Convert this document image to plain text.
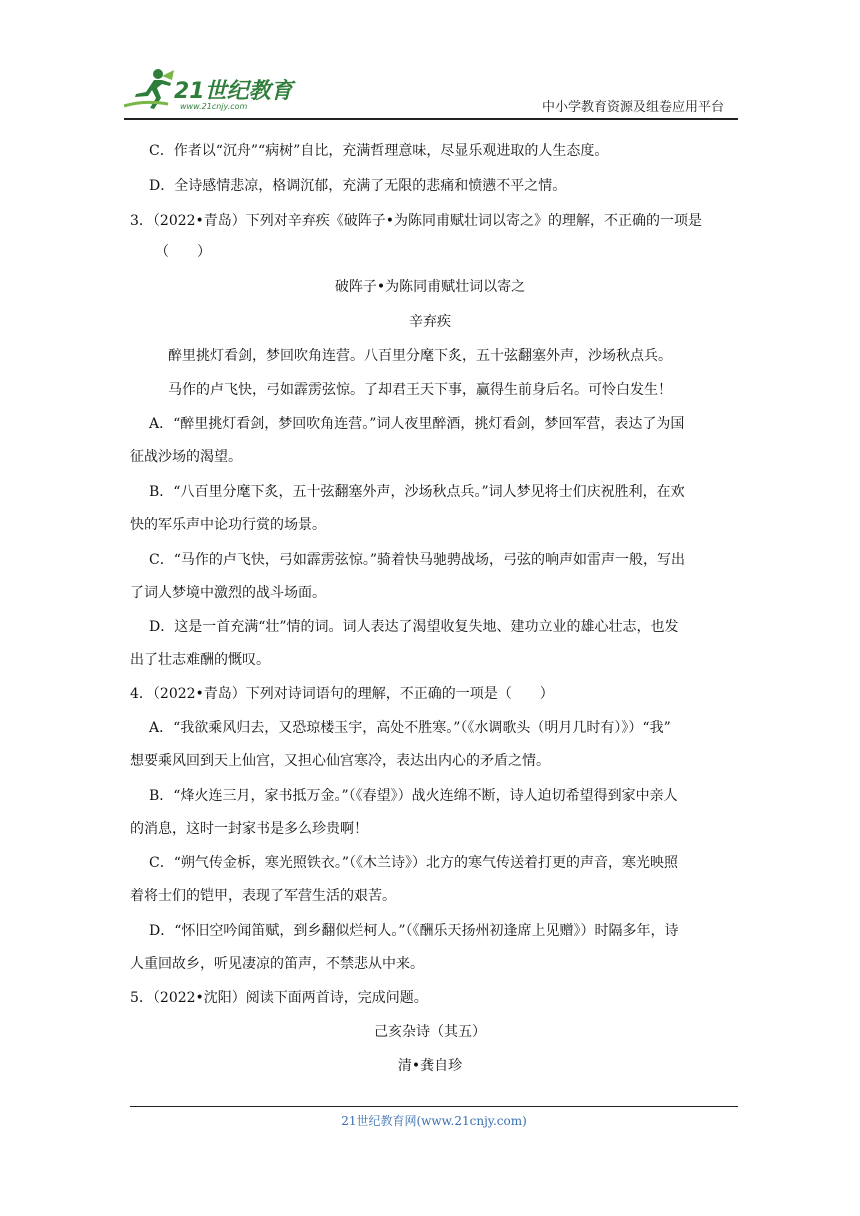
21世纪教育
www.21cnjy.com	中小学教育资源及组卷应用平台
C．作者以“沉舟”“病树”自比，充满哲理意味，尽显乐观进取的人生态度。
D．全诗感情悲凉，格调沉郁，充满了无限的悲痛和愤懑不平之情。
3．（2022•青岛）下列对辛弃疾《破阵子•为陈同甫赋壮词以寄之》的理解，不正确的一项是
（　　）
破阵子•为陈同甫赋壮词以寄之
辛弃疾
醉里挑灯看剑，梦回吹角连营。八百里分麾下炙，五十弦翻塞外声，沙场秋点兵。
马作的卢飞快，弓如霹雳弦惊。了却君王天下事，赢得生前身后名。可怜白发生！
A．“醉里挑灯看剑，梦回吹角连营。”词人夜里醉酒，挑灯看剑，梦回军营，表达了为国
征战沙场的渴望。
B．“八百里分麾下炙，五十弦翻塞外声，沙场秋点兵。”词人梦见将士们庆祝胜利，在欢
快的军乐声中论功行赏的场景。
C．“马作的卢飞快，弓如霹雳弦惊。”骑着快马驰骋战场，弓弦的响声如雷声一般，写出
了词人梦境中激烈的战斗场面。
D．这是一首充满“壮”情的词。词人表达了渴望收复失地、建功立业的雄心壮志，也发
出了壮志难酬的慨叹。
4．（2022•青岛）下列对诗词语句的理解，不正确的一项是（　　）
A．“我欲乘风归去，又恐琼楼玉宇，高处不胜寒。”（《水调歌头（明月几时有）》）“我”
想要乘风回到天上仙宫，又担心仙宫寒冷，表达出内心的矛盾之情。
B．“烽火连三月，家书抵万金。”（《春望》）战火连绵不断，诗人迫切希望得到家中亲人
的消息，这时一封家书是多么珍贵啊！
C．“朔气传金柝，寒光照铁衣。”（《木兰诗》）北方的寒气传送着打更的声音，寒光映照
着将士们的铠甲，表现了军营生活的艰苦。
D．“怀旧空吟闻笛赋，到乡翻似烂柯人。”（《酬乐天扬州初逢席上见赠》）时隔多年，诗
人重回故乡，听见凄凉的笛声，不禁悲从中来。
5．（2022•沈阳）阅读下面两首诗，完成问题。
己亥杂诗（其五）
清•龚自珍
21世纪教育网(www.21cnjy.com)
